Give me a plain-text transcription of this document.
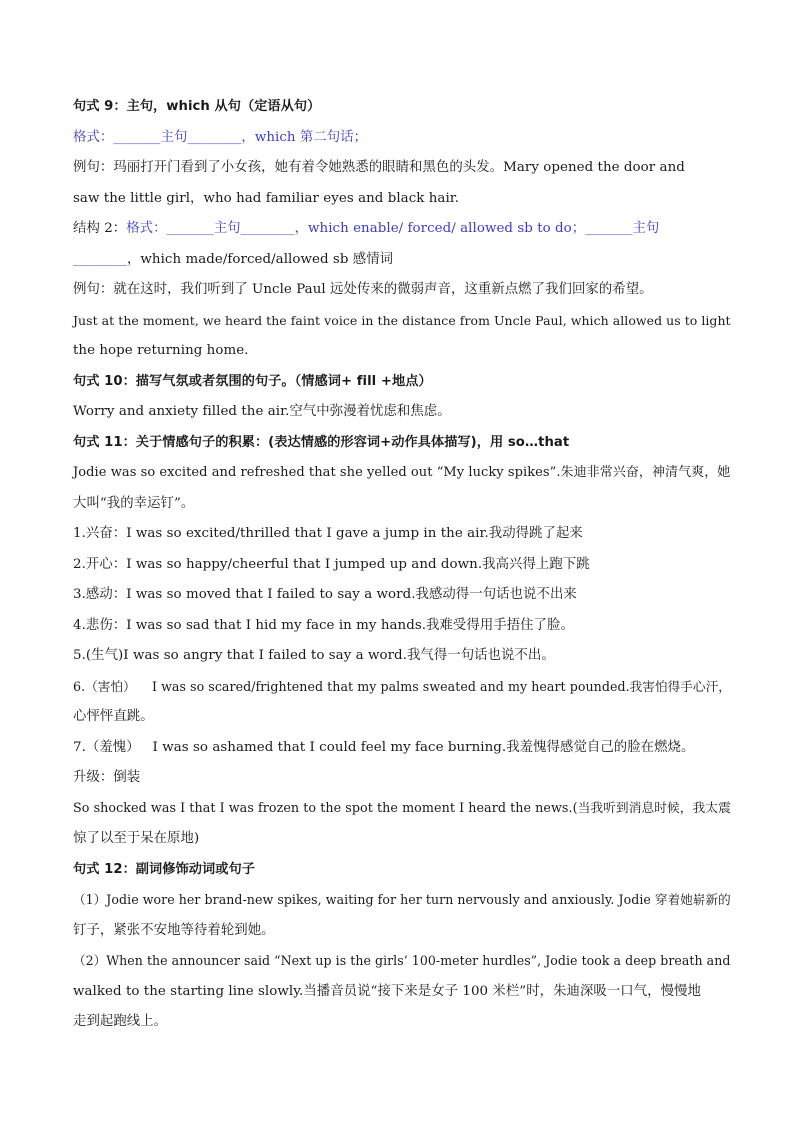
句式 9：主句，which 从句（定语从句）
格式：_______主句________，which 第二句话；
例句：玛丽打开门看到了小女孩，她有着令她熟悉的眼睛和黑色的头发。Mary opened the door and
saw the little girl，who had familiar eyes and black hair.
结构 2：格式：_______主句________，which enable/ forced/ allowed sb to do；_______主句
________，which made/forced/allowed sb 感情词
例句：就在这时，我们听到了 Uncle Paul 远处传来的微弱声音，这重新点燃了我们回家的希望。
Just at the moment, we heard the faint voice in the distance from Uncle Paul, which allowed us to light
the hope returning home.
句式 10：描写气氛或者氛围的句子。（情感词+ fill +地点）
Worry and anxiety filled the air.空气中弥漫着忧虑和焦虑。
句式 11：关于情感句子的积累：(表达情感的形容词+动作具体描写)，用 so…that
Jodie was so excited and refreshed that she yelled out “My lucky spikes”.朱迪非常兴奋，神清气爽，她
大叫“我的幸运钉”。
1.兴奋：I was so excited/thrilled that I gave a jump in the air.我动得跳了起来
2.开心：I was so happy/cheerful that I jumped up and down.我高兴得上跑下跳
3.感动：I was so moved that I failed to say a word.我感动得一句话也说不出来
4.悲伤：I was so sad that I hid my face in my hands.我难受得用手捂住了脸。
5.(生气)I was so angry that I failed to say a word.我气得一句话也说不出。
6.（害怕）    I was so scared/frightened that my palms sweated and my heart pounded.我害怕得手心汗，
心怦怦直跳。
7.（羞愧）   I was so ashamed that I could feel my face burning.我羞愧得感觉自己的脸在燃烧。
升级：倒装
So shocked was I that I was frozen to the spot the moment I heard the news.(当我听到消息时候，我太震
惊了以至于呆在原地)
句式 12：副词修饰动词或句子
（1）Jodie wore her brand-new spikes, waiting for her turn nervously and anxiously. Jodie 穿着她崭新的
钉子，紧张不安地等待着轮到她。
（2）When the announcer said “Next up is the girls’ 100-meter hurdles”, Jodie took a deep breath and
walked to the starting line slowly.当播音员说“接下来是女子 100 米栏”时，朱迪深吸一口气，慢慢地
走到起跑线上。
